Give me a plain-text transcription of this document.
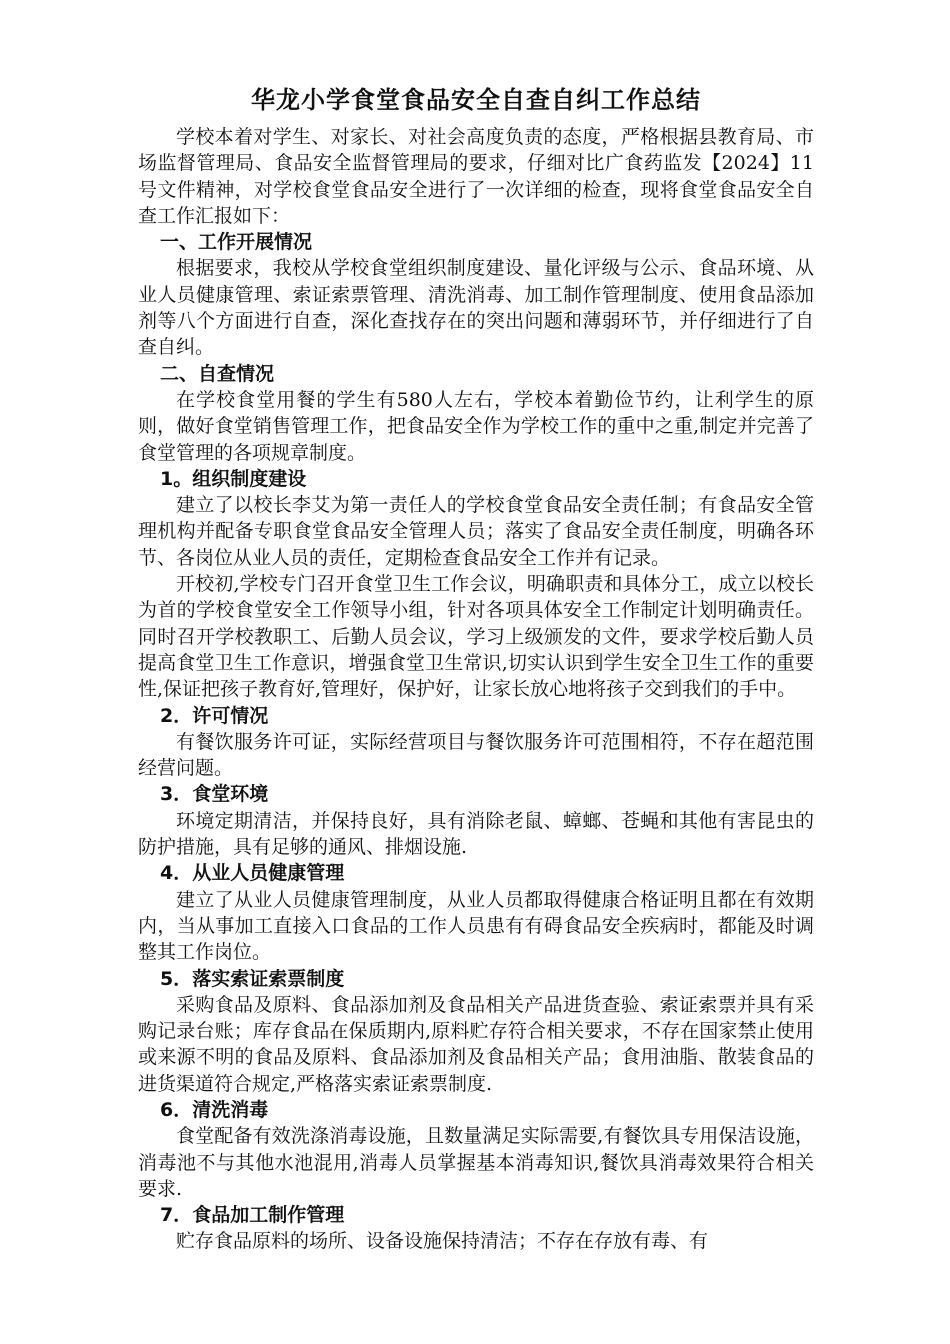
华龙小学食堂食品安全自查自纠工作总结

学校本着对学生、对家长、对社会高度负责的态度，严格根据县教育局、市场监督管理局、食品安全监督管理局的要求，仔细对比广食药监发【2024】11号文件精神，对学校食堂食品安全进行了一次详细的检查，现将食堂食品安全自查工作汇报如下：

一、工作开展情况

根据要求，我校从学校食堂组织制度建设、量化评级与公示、食品环境、从业人员健康管理、索证索票管理、清洗消毒、加工制作管理制度、使用食品添加剂等八个方面进行自查，深化查找存在的突出问题和薄弱环节，并仔细进行了自查自纠。

二、自查情况

在学校食堂用餐的学生有580人左右，学校本着勤俭节约，让利学生的原则，做好食堂销售管理工作，把食品安全作为学校工作的重中之重,制定并完善了食堂管理的各项规章制度。

1。组织制度建设

建立了以校长李艾为第一责任人的学校食堂食品安全责任制；有食品安全管理机构并配备专职食堂食品安全管理人员；落实了食品安全责任制度，明确各环节、各岗位从业人员的责任，定期检查食品安全工作并有记录。

开校初,学校专门召开食堂卫生工作会议，明确职责和具体分工，成立以校长为首的学校食堂安全工作领导小组，针对各项具体安全工作制定计划明确责任。同时召开学校教职工、后勤人员会议，学习上级颁发的文件，要求学校后勤人员提高食堂卫生工作意识，增强食堂卫生常识,切实认识到学生安全卫生工作的重要性,保证把孩子教育好,管理好，保护好，让家长放心地将孩子交到我们的手中。

2．许可情况

有餐饮服务许可证，实际经营项目与餐饮服务许可范围相符，不存在超范围经营问题。

3．食堂环境

环境定期清洁，并保持良好，具有消除老鼠、蟑螂、苍蝇和其他有害昆虫的防护措施，具有足够的通风、排烟设施.

4．从业人员健康管理

建立了从业人员健康管理制度，从业人员都取得健康合格证明且都在有效期内，当从事加工直接入口食品的工作人员患有有碍食品安全疾病时，都能及时调整其工作岗位。

5．落实索证索票制度

采购食品及原料、食品添加剂及食品相关产品进货查验、索证索票并具有采购记录台账；库存食品在保质期内,原料贮存符合相关要求，不存在国家禁止使用或来源不明的食品及原料、食品添加剂及食品相关产品；食用油脂、散装食品的进货渠道符合规定,严格落实索证索票制度.

6．清洗消毒

食堂配备有效洗涤消毒设施，且数量满足实际需要,有餐饮具专用保洁设施，消毒池不与其他水池混用,消毒人员掌握基本消毒知识,餐饮具消毒效果符合相关要求.

7．食品加工制作管理

贮存食品原料的场所、设备设施保持清洁；不存在存放有毒、有
